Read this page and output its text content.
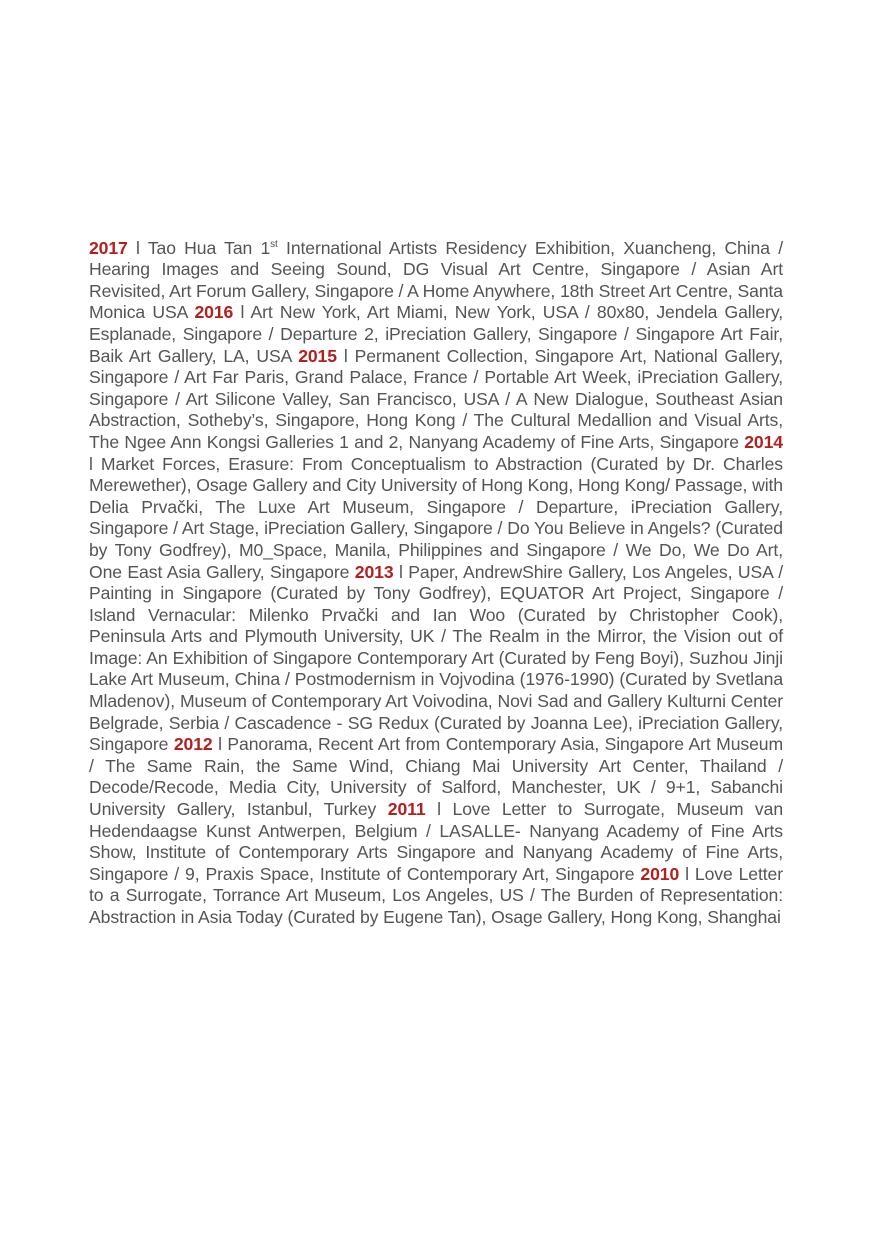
2017 l Tao Hua Tan 1st International Artists Residency Exhibition, Xuancheng, China / Hearing Images and Seeing Sound, DG Visual Art Centre, Singapore / Asian Art Revisited, Art Forum Gallery, Singapore / A Home Anywhere, 18th Street Art Centre, Santa Monica USA 2016 l Art New York, Art Miami, New York, USA / 80x80, Jendela Gallery, Esplanade, Singapore / Departure 2, iPreciation Gallery, Singapore / Singapore Art Fair, Baik Art Gallery, LA, USA 2015 l Permanent Collection, Singapore Art, National Gallery, Singapore / Art Far Paris, Grand Palace, France / Portable Art Week, iPreciation Gallery, Singapore / Art Silicone Valley, San Francisco, USA / A New Dialogue, Southeast Asian Abstraction, Sotheby’s, Singapore, Hong Kong / The Cultural Medallion and Visual Arts, The Ngee Ann Kongsi Galleries 1 and 2, Nanyang Academy of Fine Arts, Singapore 2014 l Market Forces, Erasure: From Conceptualism to Abstraction (Curated by Dr. Charles Merewether), Osage Gallery and City University of Hong Kong, Hong Kong/ Passage, with Delia Prvački, The Luxe Art Museum, Singapore / Departure, iPreciation Gallery, Singapore / Art Stage, iPreciation Gallery, Singapore / Do You Believe in Angels? (Curated by Tony Godfrey), M0_Space, Manila, Philippines and Singapore / We Do, We Do Art, One East Asia Gallery, Singapore 2013 l Paper, AndrewShire Gallery, Los Angeles, USA / Painting in Singapore (Curated by Tony Godfrey), EQUATOR Art Project, Singapore / Island Vernacular: Milenko Prvački and Ian Woo (Curated by Christopher Cook), Peninsula Arts and Plymouth University, UK / The Realm in the Mirror, the Vision out of Image: An Exhibition of Singapore Contemporary Art (Curated by Feng Boyi), Suzhou Jinji Lake Art Museum, China / Postmodernism in Vojvodina (1976-1990) (Curated by Svetlana Mladenov), Museum of Contemporary Art Voivodina, Novi Sad and Gallery Kulturni Center Belgrade, Serbia / Cascadence - SG Redux (Curated by Joanna Lee), iPreciation Gallery, Singapore 2012 l Panorama, Recent Art from Contemporary Asia, Singapore Art Museum / The Same Rain, the Same Wind, Chiang Mai University Art Center, Thailand / Decode/Recode, Media City, University of Salford, Manchester, UK / 9+1, Sabanchi University Gallery, Istanbul, Turkey 2011 l Love Letter to Surrogate, Museum van Hedendaagse Kunst Antwerpen, Belgium / LASALLE- Nanyang Academy of Fine Arts Show, Institute of Contemporary Arts Singapore and Nanyang Academy of Fine Arts, Singapore / 9, Praxis Space, Institute of Contemporary Art, Singapore 2010 l Love Letter to a Surrogate, Torrance Art Museum, Los Angeles, US / The Burden of Representation: Abstraction in Asia Today (Curated by Eugene Tan), Osage Gallery, Hong Kong, Shanghai
